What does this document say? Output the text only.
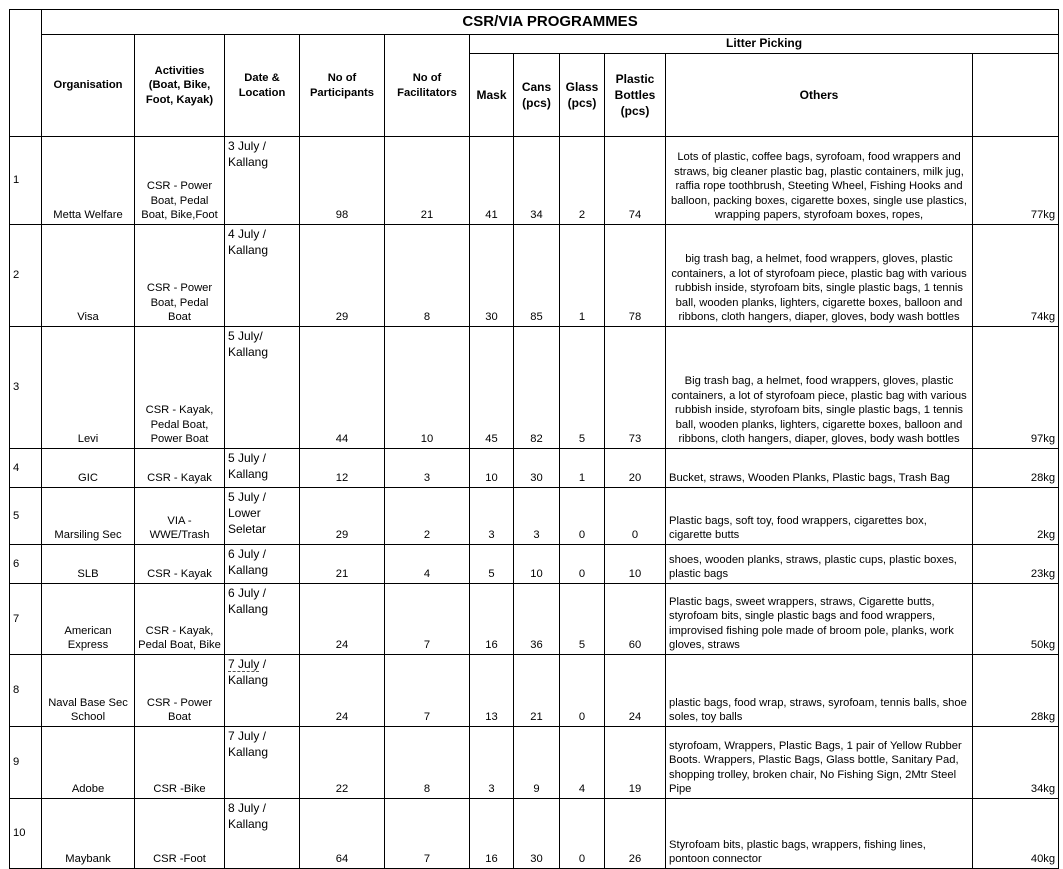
	CSR/VIA PROGRAMMES											
	Organisation	Activities (Boat, Bike, Foot, Kayak)	Date & Location	No of Participants	No of Facilitators	Litter Picking	
						Mask	Cans (pcs)	Glass (pcs)	Plastic Bottles (pcs)	Others		
1	Metta Welfare	CSR - Power Boat, Pedal Boat, Bike,Foot	3 July / Kallang	98	21	41	34	2	74	Lots of plastic, coffee bags, syrofoam, food wrappers and straws, big cleaner plastic bag, plastic containers, milk jug, raffia rope toothbrush, Steeting Wheel, Fishing Hooks and balloon, packing boxes, cigarette boxes, single use plastics, wrapping papers, styrofoam boxes, ropes,	77kg	
2	Visa	CSR - Power Boat, Pedal Boat	4 July / Kallang	29	8	30	85	1	78	big trash bag, a helmet, food wrappers, gloves, plastic containers, a lot of styrofoam piece, plastic bag with various rubbish inside, styrofoam bits, single plastic bags, 1 tennis ball, wooden planks, lighters, cigarette boxes, balloon and ribbons, cloth hangers, diaper, gloves, body wash bottles	74kg	
3	Levi	CSR - Kayak, Pedal Boat, Power Boat	5 July/ Kallang	44	10	45	82	5	73	Big trash bag, a helmet, food wrappers, gloves, plastic containers, a lot of styrofoam piece, plastic bag with various rubbish inside, styrofoam bits, single plastic bags, 1 tennis ball, wooden planks, lighters, cigarette boxes, balloon and ribbons, cloth hangers, diaper, gloves, body wash bottles	97kg	
4	GIC	CSR - Kayak	5 July / Kallang	12	3	10	30	1	20	Bucket, straws, Wooden Planks, Plastic bags, Trash Bag	28kg	
5	Marsiling Sec	VIA - WWE/Trash	5 July / Lower Seletar	29	2	3	3	0	0	Plastic bags, soft toy, food wrappers, cigarettes box, cigarette butts	2kg	
6	SLB	CSR - Kayak	6 July / Kallang	21	4	5	10	0	10	shoes, wooden planks, straws, plastic cups, plastic boxes, plastic bags	23kg	
7	American Express	CSR - Kayak, Pedal Boat, Bike	6 July / Kallang	24	7	16	36	5	60	Plastic bags, sweet wrappers, straws, Cigarette butts, styrofoam bits, single plastic bags and food wrappers, improvised fishing pole made of broom pole, planks, work gloves, straws	50kg	
8	Naval Base Sec School	CSR - Power Boat	7 July / Kallang	24	7	13	21	0	24	plastic bags, food wrap, straws, syrofoam, tennis balls, shoe soles, toy balls	28kg	
9	Adobe	CSR -Bike	7 July / Kallang	22	8	3	9	4	19	styrofoam, Wrappers, Plastic Bags, 1 pair of Yellow Rubber Boots. Wrappers, Plastic Bags, Glass bottle, Sanitary Pad, shopping trolley, broken chair, No Fishing Sign, 2Mtr Steel Pipe	34kg	
10	Maybank	CSR -Foot	8 July / Kallang	64	7	16	30	0	26	Styrofoam bits, plastic bags, wrappers, fishing lines, pontoon connector	40kg	
